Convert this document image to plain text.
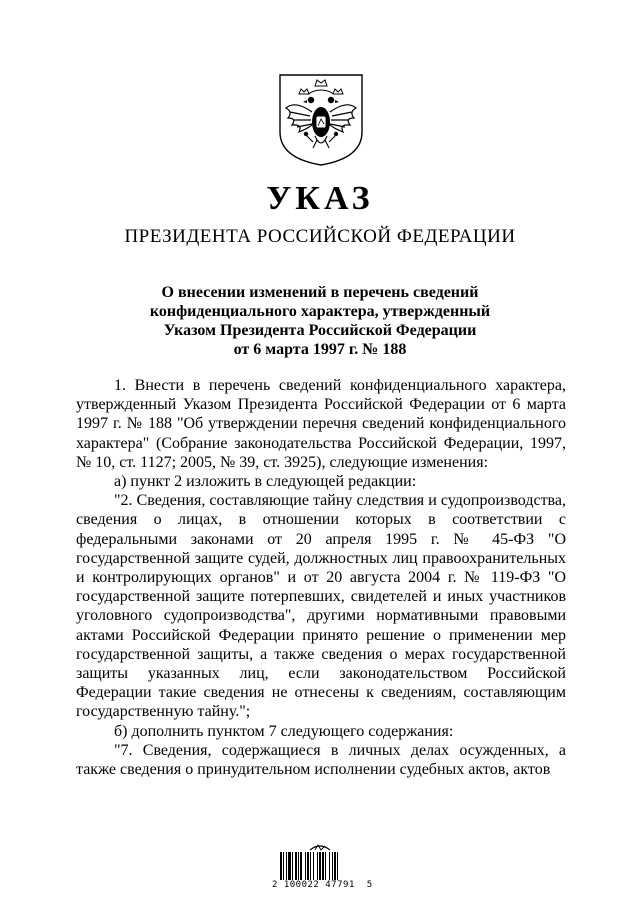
УКАЗ
ПРЕЗИДЕНТА РОССИЙСКОЙ ФЕДЕРАЦИИ
О внесении изменений в перечень сведений
конфиденциального характера, утвержденный
Указом Президента Российской Федерации
от 6 марта 1997 г. № 188

1. Внести в перечень сведений конфиденциального характера, утвержденный Указом Президента Российской Федерации от 6 марта 1997 г. № 188 "Об утверждении перечня сведений конфиденциального характера" (Собрание законодательства Российской Федерации, 1997, № 10, ст. 1127; 2005, № 39, ст. 3925), следующие изменения:

а) пункт 2 изложить в следующей редакции:

"2. Сведения, составляющие тайну следствия и судопроизводства, сведения о лицах, в отношении которых в соответствии с федеральными законами от 20 апреля 1995 г. № 45-ФЗ "О государственной защите судей, должностных лиц правоохранительных и контролирующих органов" и от 20 августа 2004 г. № 119-ФЗ "О государственной защите потерпевших, свидетелей и иных участников уголовного судопроизводства", другими нормативными правовыми актами Российской Федерации принято решение о применении мер государственной защиты, а также сведения о мерах государственной защиты указанных лиц, если законодательством Российской Федерации такие сведения не отнесены к сведениям, составляющим государственную тайну.";

б) дополнить пунктом 7 следующего содержания:

"7. Сведения, содержащиеся в личных делах осужденных, а также сведения о принудительном исполнении судебных актов, актов

2 100022 47791  5
